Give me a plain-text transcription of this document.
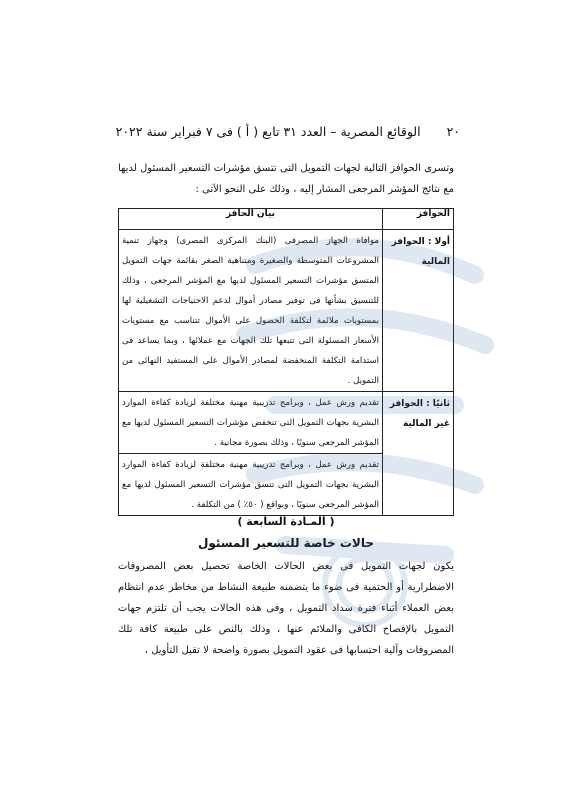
٢٠ الوقائع المصرية – العدد ٣١ تابع ( أ ) فى ٧ فبراير سنة ٢٠٢٢
وتسرى الحوافز التالية لجهات التمويل التى تتسق مؤشرات التسعير المسئول لديها مع نتائج المؤشر المرجعى المشار إليه ، وذلك على النحو الآتى :
الحوافز	بيان الحافز
أولا : الحوافز المالية	موافاة الجهاز المصرفى (البنك المركزى المصرى) وجهاز تنمية المشروعات المتوسطة والصغيرة ومتناهية الصغر بقائمة جهات التمويل المتسق مؤشرات التسعير المسئول لديها مع المؤشر المرجعى ، وذلك للتنسيق بشأنها فى توفير مصادر أموال لدعم الاحتياجات التشغيلية لها بمستويات ملائمة لتكلفة الحصول على الأموال تتناسب مع مستويات الأسعار المسئولة التى تتبعها تلك الجهات مع عملائها ، وبما يساعد فى استدامة التكلفة المنخفضة لمصادر الأموال على المستفيد النهائى من التمويل .
ثانيًا : الحوافز غير المالية	تقديم ورش عمل ، وبرامج تدريبية مهنية مختلفة لزيادة كفاءة الموارد البشرية بجهات التمويل التى تنخفض مؤشرات التسعير المسئول لديها مع المؤشر المرجعى سنويًا ، وذلك بصورة مجانية .
	تقديم ورش عمل ، وبرامج تدريبية مهنية مختلفة لزيادة كفاءة الموارد البشرية بجهات التمويل التى تتسق مؤشرات التسعير المسئول لديها مع المؤشر المرجعى سنويًا ، وبواقع ( ٥٠٪ ) من التكلفة .
( المـادة السابعة )
حالات خاصة للتسعير المسئول
يكون لجهات التمويل فى بعض الحالات الخاصة تحصيل بعض المصروفات الاضطرارية أو الحتمية فى ضوء ما يتضمنه طبيعة النشاط من مخاطر عدم انتظام بعض العملاء أثناء فترة سداد التمويل ، وفى هذه الحالات يجب أن تلتزم جهات التمويل بالإفصاح الكافى والملائم عنها ، وذلك بالنص على طبيعة كافة تلك المصروفات وآلية احتسابها فى عقود التمويل بصورة واضحة لا تقبل التأويل ،
